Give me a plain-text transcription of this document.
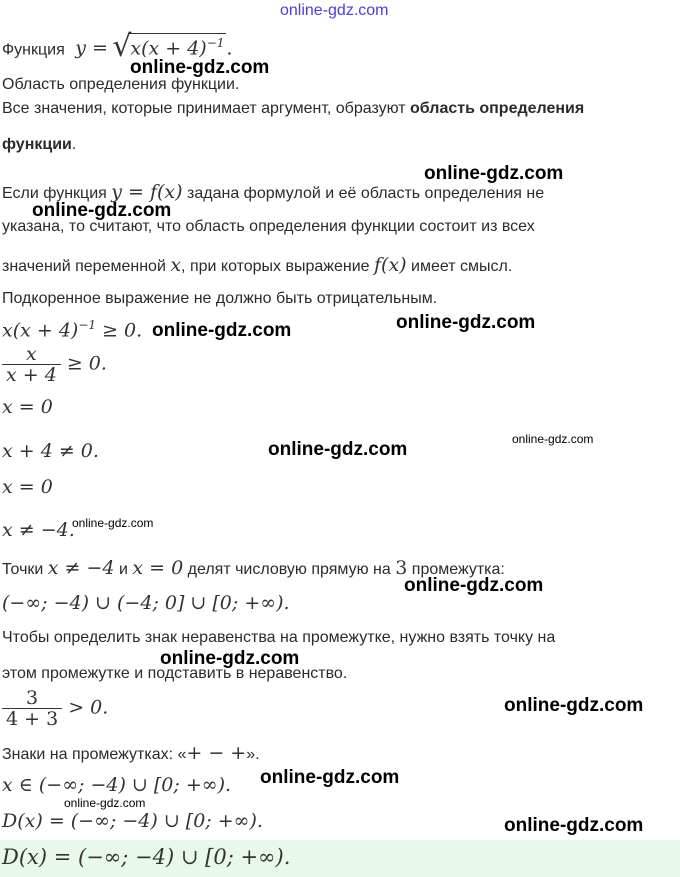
online-gdz.com
Функция y = √
$x(x + 4)^{-1}$ .
online-gdz.com
Область определения функции.
Все значения, которые принимает аргумент, образуют область определения
функции.
online-gdz.com
Если функция y = f(x) задана формулой и её область определения не
online-gdz.com
указана, то считают, что область определения функции состоит из всех
значений переменной x, при которых выражение f(x) имеет смысл.
Подкоренное выражение не должно быть отрицательным.
$x(x + 4)^{-1} \ge 0$. online-gdz.com	online-gdz.com
$\frac{x}{x + 4} \ge 0$.
x = 0
online-gdz.com
x + 4 ≠ 0.	online-gdz.com
x = 0
x ≠ −4.
online-gdz.com
Точки x ≠ −4 и x = 0 делят числовую прямую на 3 промежутка:
online-gdz.com
(−∞; −4) ∪ (−4; 0] ∪ [0; +∞).
Чтобы определить знак неравенства на промежутке, нужно взять точку на
online-gdz.com
этом промежутке и подставить в неравенство.
$\frac{3}{4 + 3} > 0$.	online-gdz.com
Знаки на промежутках: «+ − +».
x ∈ (−∞; −4) ∪ [0; +∞). online-gdz.com
online-gdz.com
D(x) = (−∞; −4) ∪ [0; +∞).	online-gdz.com
D(x) = (−∞; −4) ∪ [0; +∞).
